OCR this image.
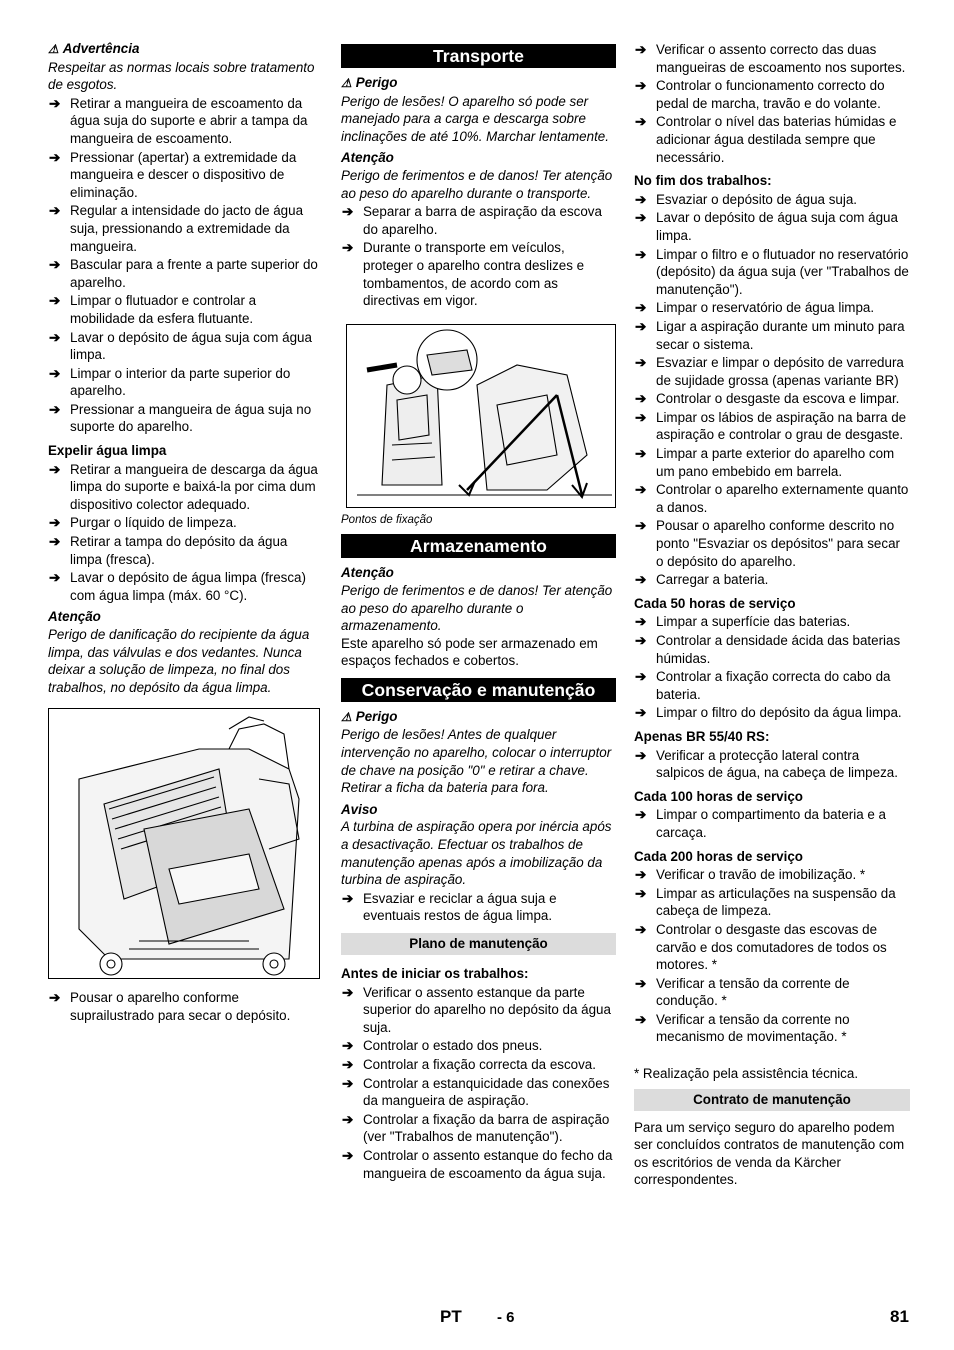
⚠ Advertência

Respeitar as normas locais sobre tratamento de esgotos.

➔ Retirar a mangueira de escoamento da água suja do suporte e abrir a tampa da mangueira de escoamento.
➔ Pressionar (apertar) a extremidade da mangueira e descer o dispositivo de eliminação.
➔ Regular a intensidade do jacto de água suja, pressionando a extremidade da mangueira.
➔ Bascular para a frente a parte superior do aparelho.
➔ Limpar o flutuador e controlar a mobilidade da esfera flutuante.
➔ Lavar o depósito de água suja com água limpa.
➔ Limpar o interior da parte superior do aparelho.
➔ Pressionar a mangueira de água suja no suporte do aparelho.

Expelir água limpa

➔ Retirar a mangueira de descarga da água limpa do suporte e baixá-la por cima dum dispositivo colector adequado.
➔ Purgar o líquido de limpeza.
➔ Retirar a tampa do depósito da água limpa (fresca).
➔ Lavar o depósito de água limpa (fresca) com água limpa (máx. 60 °C).

Atenção

Perigo de danificação do recipiente da água limpa, das válvulas e dos vedantes. Nunca deixar a solução de limpeza, no final dos trabalhos, no depósito da água limpa.

➔ Pousar o aparelho conforme suprailustrado para secar o depósito.
Transporte

⚠ Perigo

Perigo de lesões! O aparelho só pode ser manejado para a carga e descarga sobre inclinações de até 10%. Marchar lentamente.

Atenção

Perigo de ferimentos e de danos! Ter atenção ao peso do aparelho durante o transporte.

➔ Separar a barra de aspiração da escova do aparelho.
➔ Durante o transporte em veículos, proteger o aparelho contra deslizes e tombamentos, de acordo com as directivas em vigor.

Pontos de fixação

Armazenamento

Atenção

Perigo de ferimentos e de danos! Ter atenção ao peso do aparelho durante o armazenamento.

Este aparelho só pode ser armazenado em espaços fechados e cobertos.

Conservação e manutenção

⚠ Perigo

Perigo de lesões! Antes de qualquer intervenção no aparelho, colocar o interruptor de chave na posição "0" e retirar a chave. Retirar a ficha da bateria para fora.

Aviso

A turbina de aspiração opera por inércia após a desactivação. Efectuar os trabalhos de manutenção apenas após a imobilização da turbina de aspiração.

➔ Esvaziar e reciclar a água suja e eventuais restos de água limpa.
Plano de manutenção

Antes de iniciar os trabalhos:

➔ Verificar o assento estanque da parte superior do aparelho no depósito da água suja.
➔ Controlar o estado dos pneus.
➔ Controlar a fixação correcta da escova.
➔ Controlar a estanquicidade das conexões da mangueira de aspiração.
➔ Controlar a fixação da barra de aspiração (ver "Trabalhos de manutenção").
➔ Controlar o assento estanque do fecho da mangueira de escoamento da água suja.
➔ Verificar o assento correcto das duas mangueiras de escoamento nos suportes.
➔ Controlar o funcionamento correcto do pedal de marcha, travão e do volante.
➔ Controlar o nível das baterias húmidas e adicionar água destilada sempre que necessário.

No fim dos trabalhos:

➔ Esvaziar o depósito de água suja.
➔ Lavar o depósito de água suja com água limpa.
➔ Limpar o filtro e o flutuador no reservatório (depósito) da água suja (ver "Trabalhos de manutenção").
➔ Limpar o reservatório de água limpa.
➔ Ligar a aspiração durante um minuto para secar o sistema.
➔ Esvaziar e limpar o depósito de varredura de sujidade grossa (apenas variante BR)
➔ Controlar o desgaste da escova e limpar.
➔ Limpar os lábios de aspiração na barra de aspiração e controlar o grau de desgaste.
➔ Limpar a parte exterior do aparelho com um pano embebido em barrela.
➔ Controlar o aparelho externamente quanto a danos.
➔ Pousar o aparelho conforme descrito no ponto "Esvaziar os depósitos" para secar o depósito do aparelho.
➔ Carregar a bateria.

Cada 50 horas de serviço

➔ Limpar a superfície das baterias.
➔ Controlar a densidade ácida das baterias húmidas.
➔ Controlar a fixação correcta do cabo da bateria.
➔ Limpar o filtro do depósito da água limpa.

Apenas BR 55/40 RS:

➔ Verificar a protecção lateral contra salpicos de água, na cabeça de limpeza.

Cada 100 horas de serviço

➔ Limpar o compartimento da bateria e a carcaça.

Cada 200 horas de serviço

➔ Verificar o travão de imobilização. *
➔ Limpar as articulações na suspensão da cabeça de limpeza.
➔ Controlar o desgaste das escovas de carvão e dos comutadores de todos os motores. *
➔ Verificar a tensão da corrente de condução. *
➔ Verificar a tensão da corrente no mecanismo de movimentação. *

* Realização pela assistência técnica.

Contrato de manutenção

Para um serviço seguro do aparelho podem ser concluídos contratos de manutenção com os escritórios de venda da Kärcher correspondentes.

PT - 6	81
